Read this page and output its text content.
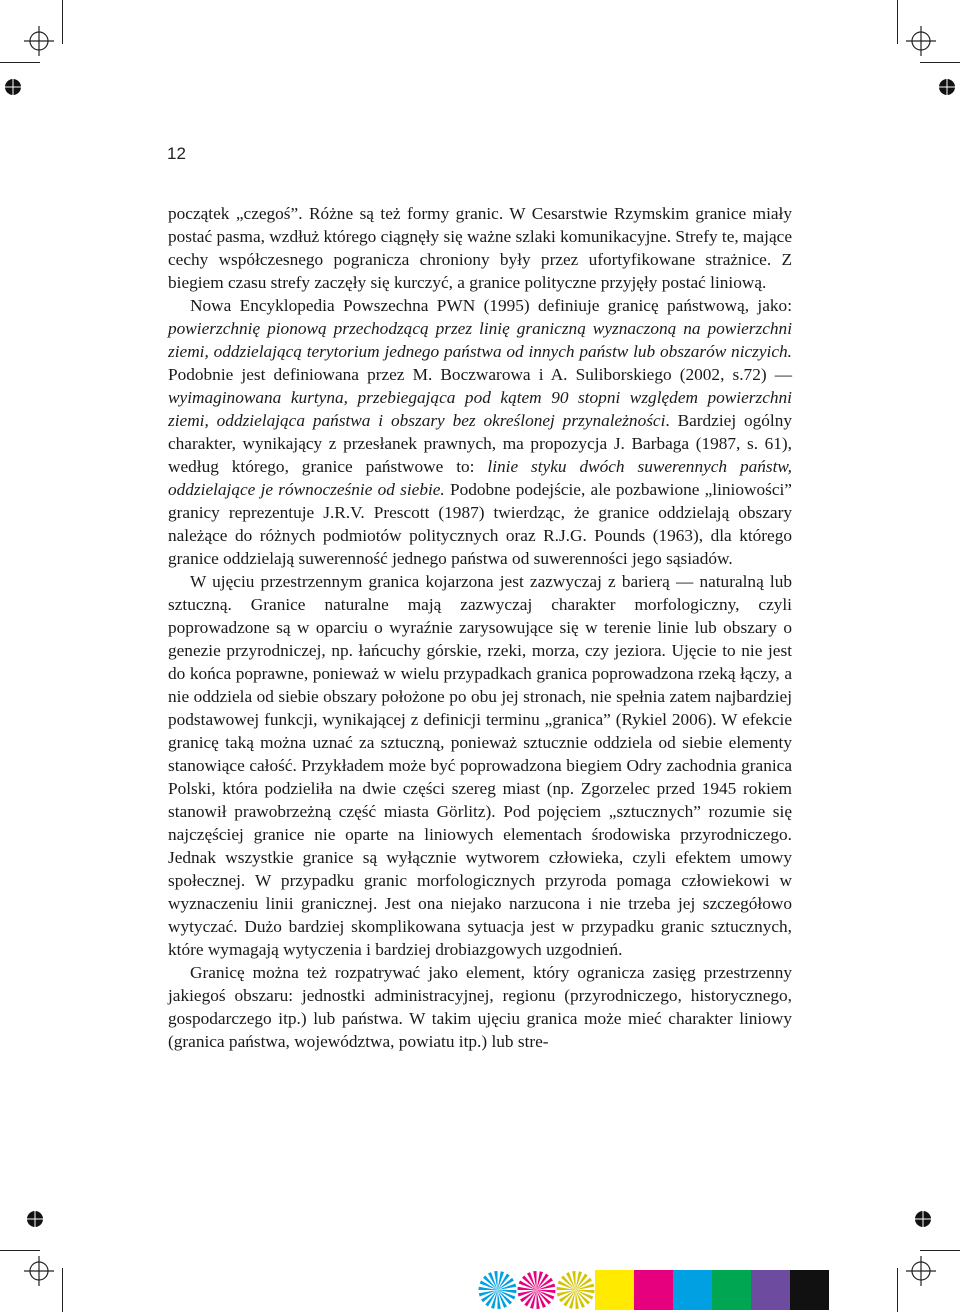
12

początek „czegoś”. Różne są też formy granic. W Cesarstwie Rzymskim granice miały postać pasma, wzdłuż którego ciągnęły się ważne szlaki komunikacyjne. Strefy te, mające cechy współczesnego pogranicza chroniony były przez ufortyfikowane strażnice. Z biegiem czasu strefy zaczęły się kurczyć, a granice polityczne przyjęły postać liniową.

Nowa Encyklopedia Powszechna PWN (1995) definiuje granicę państwową, jako: powierzchnię pionową przechodzącą przez linię graniczną wyznaczoną na powierzchni ziemi, oddzielającą terytorium jednego państwa od innych państw lub obszarów niczyich. Podobnie jest definiowana przez M. Boczwarowa i A. Suliborskiego (2002, s.72) — wyimaginowana kurtyna, przebiegająca pod kątem 90 stopni względem powierzchni ziemi, oddzielająca państwa i obszary bez określonej przynależności. Bardziej ogólny charakter, wynikający z przesłanek prawnych, ma propozycja J. Barbaga (1987, s. 61), według którego, granice państwowe to: linie styku dwóch suwerennych państw, oddzielające je równocześnie od siebie. Podobne podejście, ale pozbawione „liniowości” granicy reprezentuje J.R.V. Prescott (1987) twierdząc, że granice oddzielają obszary należące do różnych podmiotów politycznych oraz R.J.G. Pounds (1963), dla którego granice oddzielają suwerenność jednego państwa od suwerenności jego sąsiadów.

W ujęciu przestrzennym granica kojarzona jest zazwyczaj z barierą — naturalną lub sztuczną. Granice naturalne mają zazwyczaj charakter morfologiczny, czyli poprowadzone są w oparciu o wyraźnie zarysowujące się w terenie linie lub obszary o genezie przyrodniczej, np. łańcuchy górskie, rzeki, morza, czy jeziora. Ujęcie to nie jest do końca poprawne, ponieważ w wielu przypadkach granica poprowadzona rzeką łączy, a nie oddziela od siebie obszary położone po obu jej stronach, nie spełnia zatem najbardziej podstawowej funkcji, wynikającej z definicji terminu „granica” (Rykiel 2006). W efekcie granicę taką można uznać za sztuczną, ponieważ sztucznie oddziela od siebie elementy stanowiące całość. Przykładem może być poprowadzona biegiem Odry zachodnia granica Polski, która podzieliła na dwie części szereg miast (np. Zgorzelec przed 1945 rokiem stanowił prawobrzeżną część miasta Görlitz). Pod pojęciem „sztucznych” rozumie się najczęściej granice nie oparte na liniowych elementach środowiska przyrodniczego. Jednak wszystkie granice są wyłącznie wytworem człowieka, czyli efektem umowy społecznej. W przypadku granic morfologicznych przyroda pomaga człowiekowi w wyznaczeniu linii granicznej. Jest ona niejako narzucona i nie trzeba jej szczegółowo wytyczać. Dużo bardziej skomplikowana sytuacja jest w przypadku granic sztucznych, które wymagają wytyczenia i bardziej drobiazgowych uzgodnień.

Granicę można też rozpatrywać jako element, który ogranicza zasięg przestrzenny jakiegoś obszaru: jednostki administracyjnej, regionu (przyrodniczego, historycznego, gospodarczego itp.) lub państwa. W takim ujęciu granica może mieć charakter liniowy (granica państwa, województwa, powiatu itp.) lub stre-
